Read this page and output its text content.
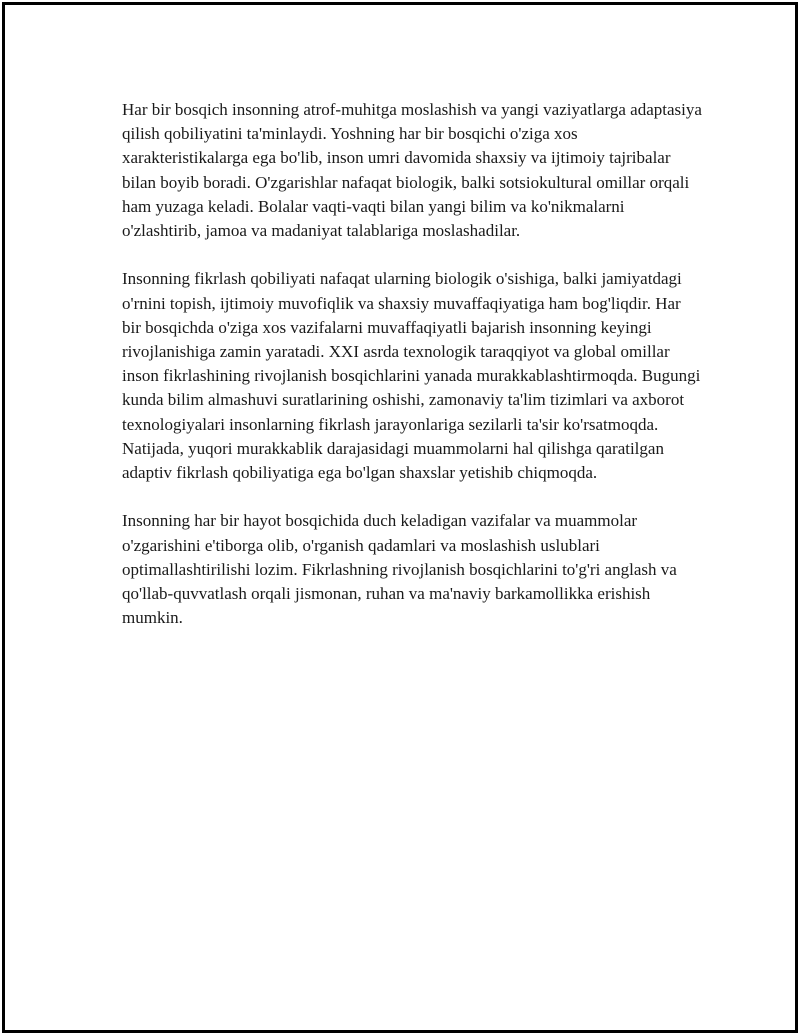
Har bir bosqich insonning atrof-muhitga moslashish va yangi vaziyatlarga adaptasiya qilish qobiliyatini ta'minlaydi. Yoshning har bir bosqichi o'ziga xos xarakteristikalarga ega bo'lib, inson umri davomida shaxsiy va ijtimoiy tajribalar bilan boyib boradi. O'zgarishlar nafaqat biologik, balki sotsiokultural omillar orqali ham yuzaga keladi. Bolalar vaqti-vaqti bilan yangi bilim va ko'nikmalarni o'zlashtirib, jamoa va madaniyat talablariga moslashadilar.

Insonning fikrlash qobiliyati nafaqat ularning biologik o'sishiga, balki jamiyatdagi o'rnini topish, ijtimoiy muvofiqlik va shaxsiy muvaffaqiyatiga ham bog'liqdir. Har bir bosqichda o'ziga xos vazifalarni muvaffaqiyatli bajarish insonning keyingi rivojlanishiga zamin yaratadi. XXI asrda texnologik taraqqiyot va global omillar inson fikrlashining rivojlanish bosqichlarini yanada murakkablashtirmoqda. Bugungi kunda bilim almashuvi suratlarining oshishi, zamonaviy ta'lim tizimlari va axborot texnologiyalari insonlarning fikrlash jarayonlariga sezilarli ta'sir ko'rsatmoqda. Natijada, yuqori murakkablik darajasidagi muammolarni hal qilishga qaratilgan adaptiv fikrlash qobiliyatiga ega bo'lgan shaxslar yetishib chiqmoqda.

Insonning har bir hayot bosqichida duch keladigan vazifalar va muammolar o'zgarishini e'tiborga olib, o'rganish qadamlari va moslashish uslublari optimallashtirilishi lozim. Fikrlashning rivojlanish bosqichlarini to'g'ri anglash va qo'llab-quvvatlash orqali jismonan, ruhan va ma'naviy barkamollikka erishish mumkin.
